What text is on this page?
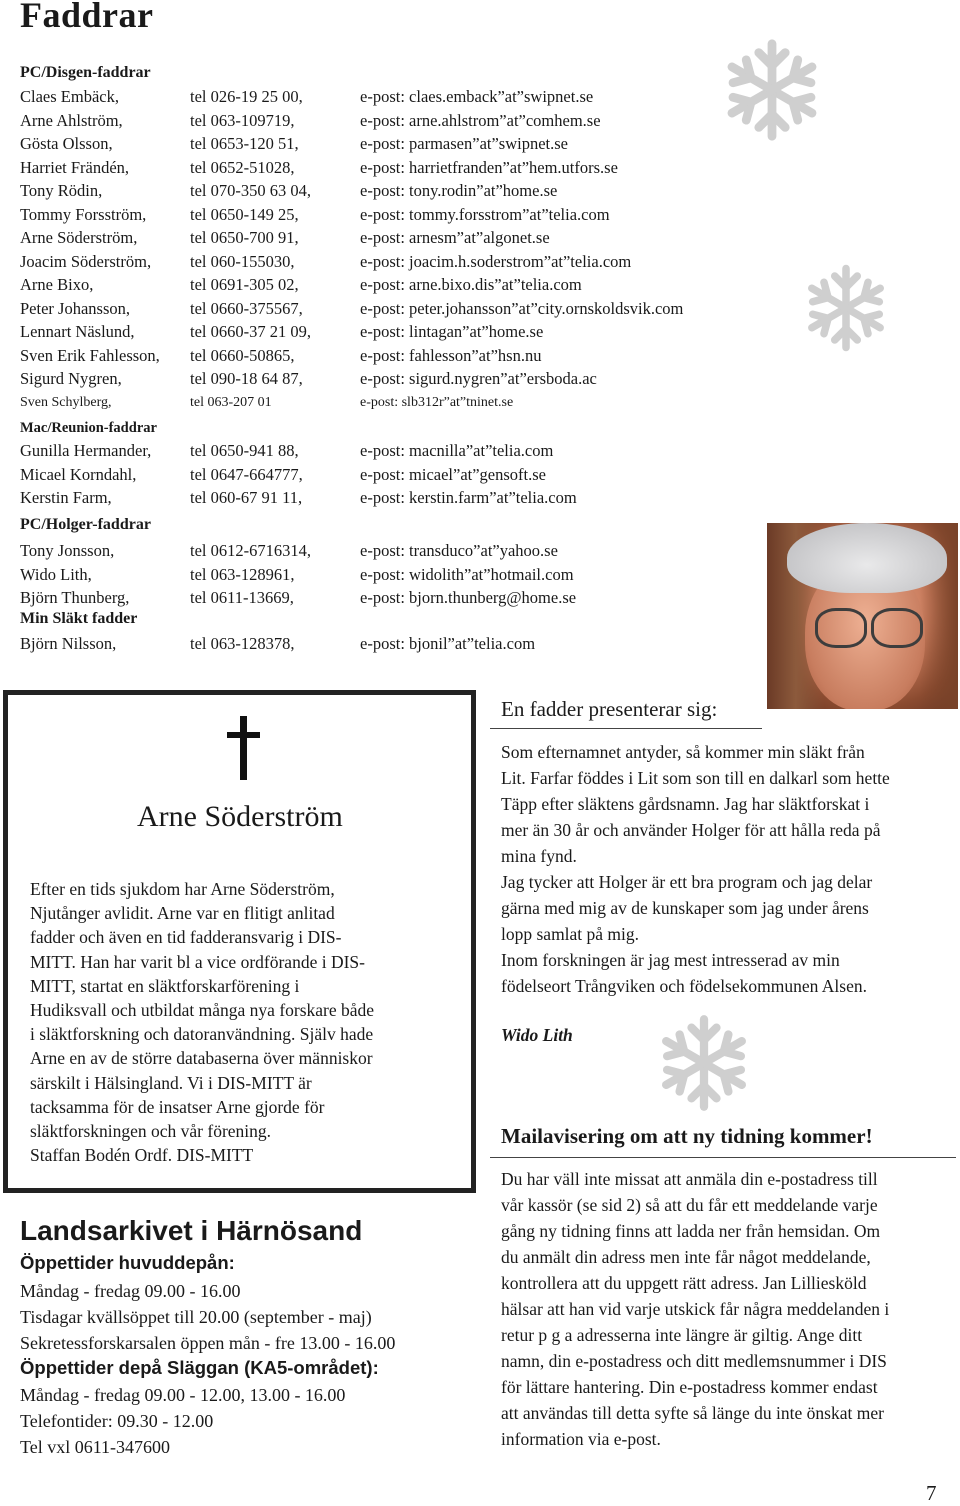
Faddrar
PC/Disgen-faddrar
Claes Embäck,	tel 026-19 25 00,	e-post: claes.emback”at”swipnet.se
Arne Ahlström,	tel 063-109719,	e-post: arne.ahlstrom”at”comhem.se
Gösta Olsson,	tel 0653-120 51,	e-post: parmasen”at”swipnet.se
Harriet Frändén,	tel 0652-51028,	e-post: harrietfranden”at”hem.utfors.se
Tony Rödin,	tel 070-350 63 04,	e-post: tony.rodin”at”home.se
Tommy Forsström,	tel 0650-149 25,	e-post: tommy.forsstrom”at”telia.com
Arne Söderström,	tel 0650-700 91,	e-post: arnesm”at”algonet.se
Joacim Söderström, tel 060-155030,	e-post: joacim.h.soderstrom”at”telia.com
Arne Bixo,	tel 0691-305 02,	e-post: arne.bixo.dis”at”telia.com
Peter Johansson,	tel 0660-375567,	e-post: peter.johansson”at”city.ornskoldsvik.com
Lennart Näslund,	tel 0660-37 21 09,	e-post: lintagan”at”home.se
Sven Erik Fahlesson, tel 0660-50865,	e-post: fahlesson”at”hsn.nu
Sigurd Nygren,	tel 090-18 64 87,	e-post: sigurd.nygren”at”ersboda.ac
Sven Schylberg,	tel 063-207 01	e-post: slb312r”at”tninet.se
Mac/Reunion-faddrar
Gunilla Hermander, tel 0650-941 88,	e-post: macnilla”at”telia.com
Micael Korndahl,	tel 0647-664777,	e-post: micael”at”gensoft.se
Kerstin Farm,	tel 060-67 91 11,	e-post: kerstin.farm”at”telia.com
PC/Holger-faddrar
Tony Jonsson,	tel 0612-6716314,	e-post: transduco”at”yahoo.se
Wido Lith,	tel 063-128961,	e-post: widolith”at”hotmail.com
Björn Thunberg,	tel 0611-13669,	e-post: bjorn.thunberg@home.se
Min Släkt fadder
Björn Nilsson,	tel 063-128378,	e-post: bjonil”at”telia.com
Arne Söderström
Efter en tids sjukdom har Arne Söderström,
Njutånger avlidit. Arne var en flitigt anlitad
fadder och även en tid fadderansvarig i DIS-
MITT. Han har varit bl a vice ordförande i DIS-
MITT, startat en släktforskarförening i
Hudiksvall och utbildat många nya forskare både
i släktforskning och datoranvändning. Själv hade
Arne en av de större databaserna över människor
särskilt i Hälsingland. Vi i DIS-MITT är
tacksamma för de insatser Arne gjorde för
släktforskningen och vår förening.
Staffan Bodén Ordf. DIS-MITT
En fadder presenterar sig:
Som efternamnet antyder, så kommer min släkt från
Lit. Farfar föddes i Lit som son till en dalkarl som hette
Täpp efter släktens gårdsnamn. Jag har släktforskat i
mer än 30 år och använder Holger för att hålla reda på
mina fynd.
Jag tycker att Holger är ett bra program och jag delar
gärna med mig av de kunskaper som jag under årens
lopp samlat på mig.
Inom forskningen är jag mest intresserad av min
födelseort Trångviken och födelsekommunen Alsen.
Wido Lith
Mailavisering om att ny tidning kommer!
Du har väll inte missat att anmäla din e-postadress till
vår kassör (se sid 2) så att du får ett meddelande varje
gång ny tidning finns att ladda ner från hemsidan. Om
du anmält din adress men inte får något meddelande,
kontrollera att du uppgett rätt adress. Jan Lilliesköld
hälsar att han vid varje utskick får några meddelanden i
retur p g a adresserna inte längre är giltig. Ange ditt
namn, din e-postadress och ditt medlemsnummer i DIS
för lättare hantering. Din e-postadress kommer endast
att användas till detta syfte så länge du inte önskat mer
information via e-post.
Landsarkivet i Härnösand
Öppettider huvuddepån:
Måndag - fredag 09.00 - 16.00
Tisdagar kvällsöppet till 20.00 (september - maj)
Sekretessforskarsalen öppen mån - fre 13.00 - 16.00
Öppettider depå Släggan (KA5-området):
Måndag - fredag 09.00 - 12.00, 13.00 - 16.00
Telefontider: 09.30 - 12.00
Tel vxl 0611-347600
7
